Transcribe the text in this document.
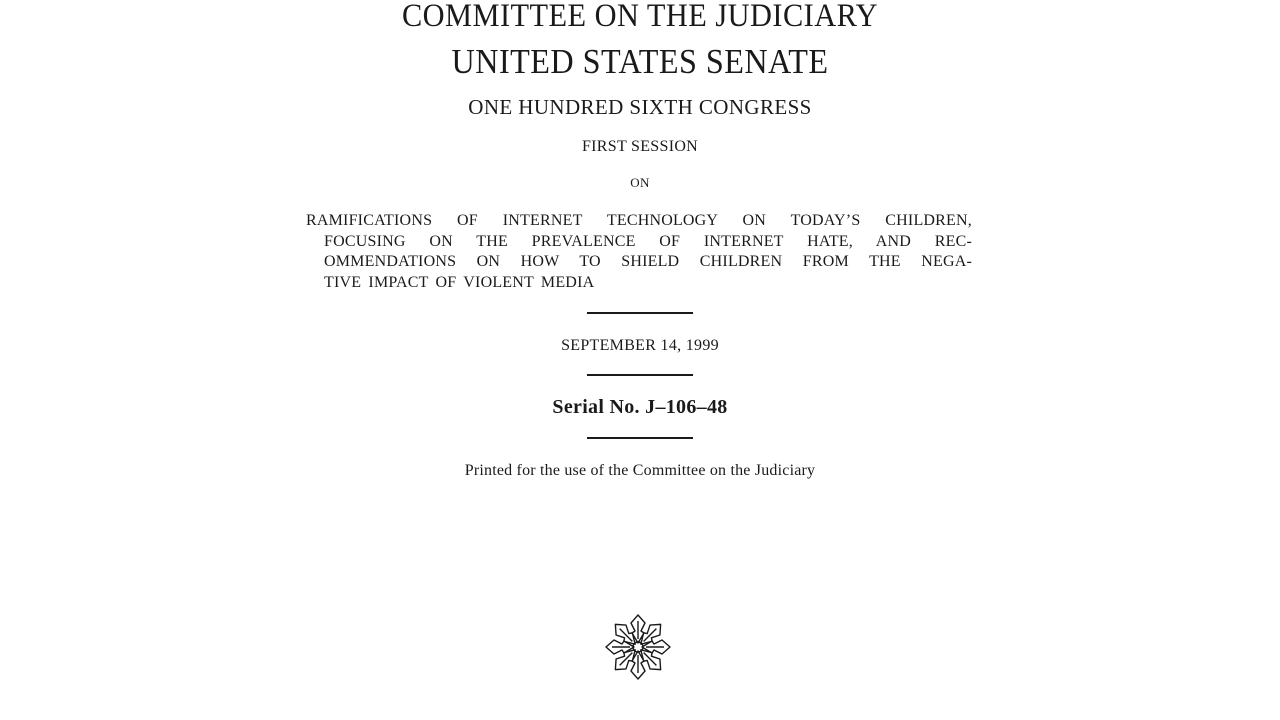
COMMITTEE ON THE JUDICIARY
UNITED STATES SENATE
ONE HUNDRED SIXTH CONGRESS
FIRST SESSION
ON
RAMIFICATIONS OF INTERNET TECHNOLOGY ON TODAY’S CHILDREN,
FOCUSING ON THE PREVALENCE OF INTERNET HATE, AND REC-
OMMENDATIONS ON HOW TO SHIELD CHILDREN FROM THE NEGA-
TIVE IMPACT OF VIOLENT MEDIA
SEPTEMBER 14, 1999
Serial No. J–106–48
Printed for the use of the Committee on the Judiciary
